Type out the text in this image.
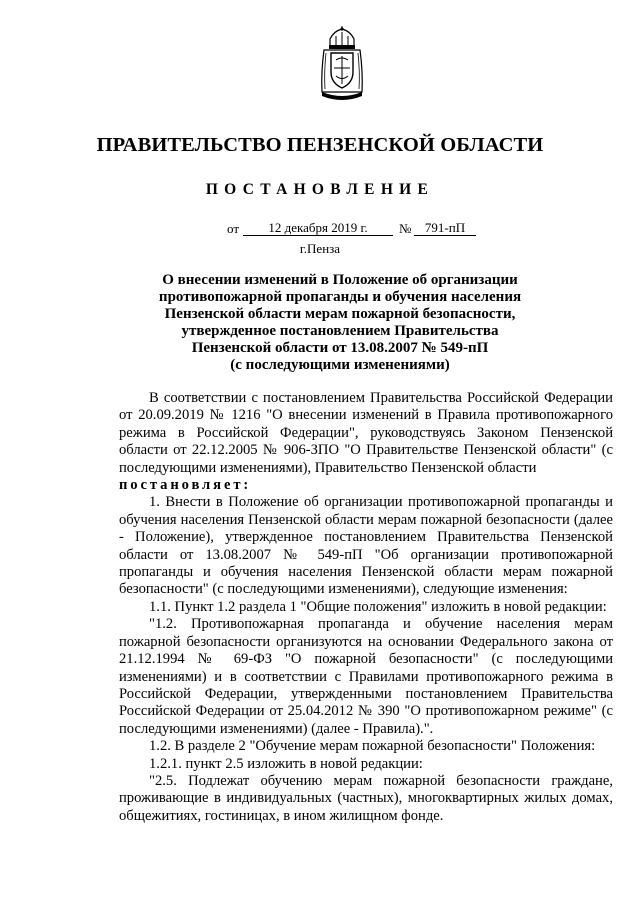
ПРАВИТЕЛЬСТВО ПЕНЗЕНСКОЙ ОБЛАСТИ
ПОСТАНОВЛЕНИЕ
от	12 декабря 2019 г.	№	791-пП
г.Пенза
О внесении изменений в Положение об организации
противопожарной пропаганды и обучения населения
Пензенской области мерам пожарной безопасности,
утвержденное постановлением Правительства
Пензенской области от 13.08.2007 № 549-пП
(с последующими изменениями)

В соответствии с постановлением Правительства Российской Федерации от 20.09.2019 № 1216 "О внесении изменений в Правила противопожарного режима в Российской Федерации", руководствуясь Законом Пензенской области от 22.12.2005 № 906-ЗПО "О Правительстве Пензенской области" (с последующими изменениями), Правительство Пензенской области

постановляет:

1. Внести в Положение об организации противопожарной пропаганды и обучения населения Пензенской области мерам пожарной безопасности (далее - Положение), утвержденное постановлением Правительства Пензенской области от 13.08.2007 № 549-пП "Об организации противопожарной пропаганды и обучения населения Пензенской области мерам пожарной безопасности" (с последующими изменениями), следующие изменения:

1.1. Пункт 1.2 раздела 1 "Общие положения" изложить в новой редакции:

"1.2. Противопожарная пропаганда и обучение населения мерам пожарной безопасности организуются на основании Федерального закона от 21.12.1994 № 69-ФЗ "О пожарной безопасности" (с последующими изменениями) и в соответствии с Правилами противопожарного режима в Российской Федерации, утвержденными постановлением Правительства Российской Федерации от 25.04.2012 № 390 "О противопожарном режиме" (с последующими изменениями) (далее - Правила).".

1.2. В разделе 2 "Обучение мерам пожарной безопасности" Положения:

1.2.1. пункт 2.5 изложить в новой редакции:

"2.5. Подлежат обучению мерам пожарной безопасности граждане, проживающие в индивидуальных (частных), многоквартирных жилых домах, общежитиях, гостиницах, в ином жилищном фонде.
